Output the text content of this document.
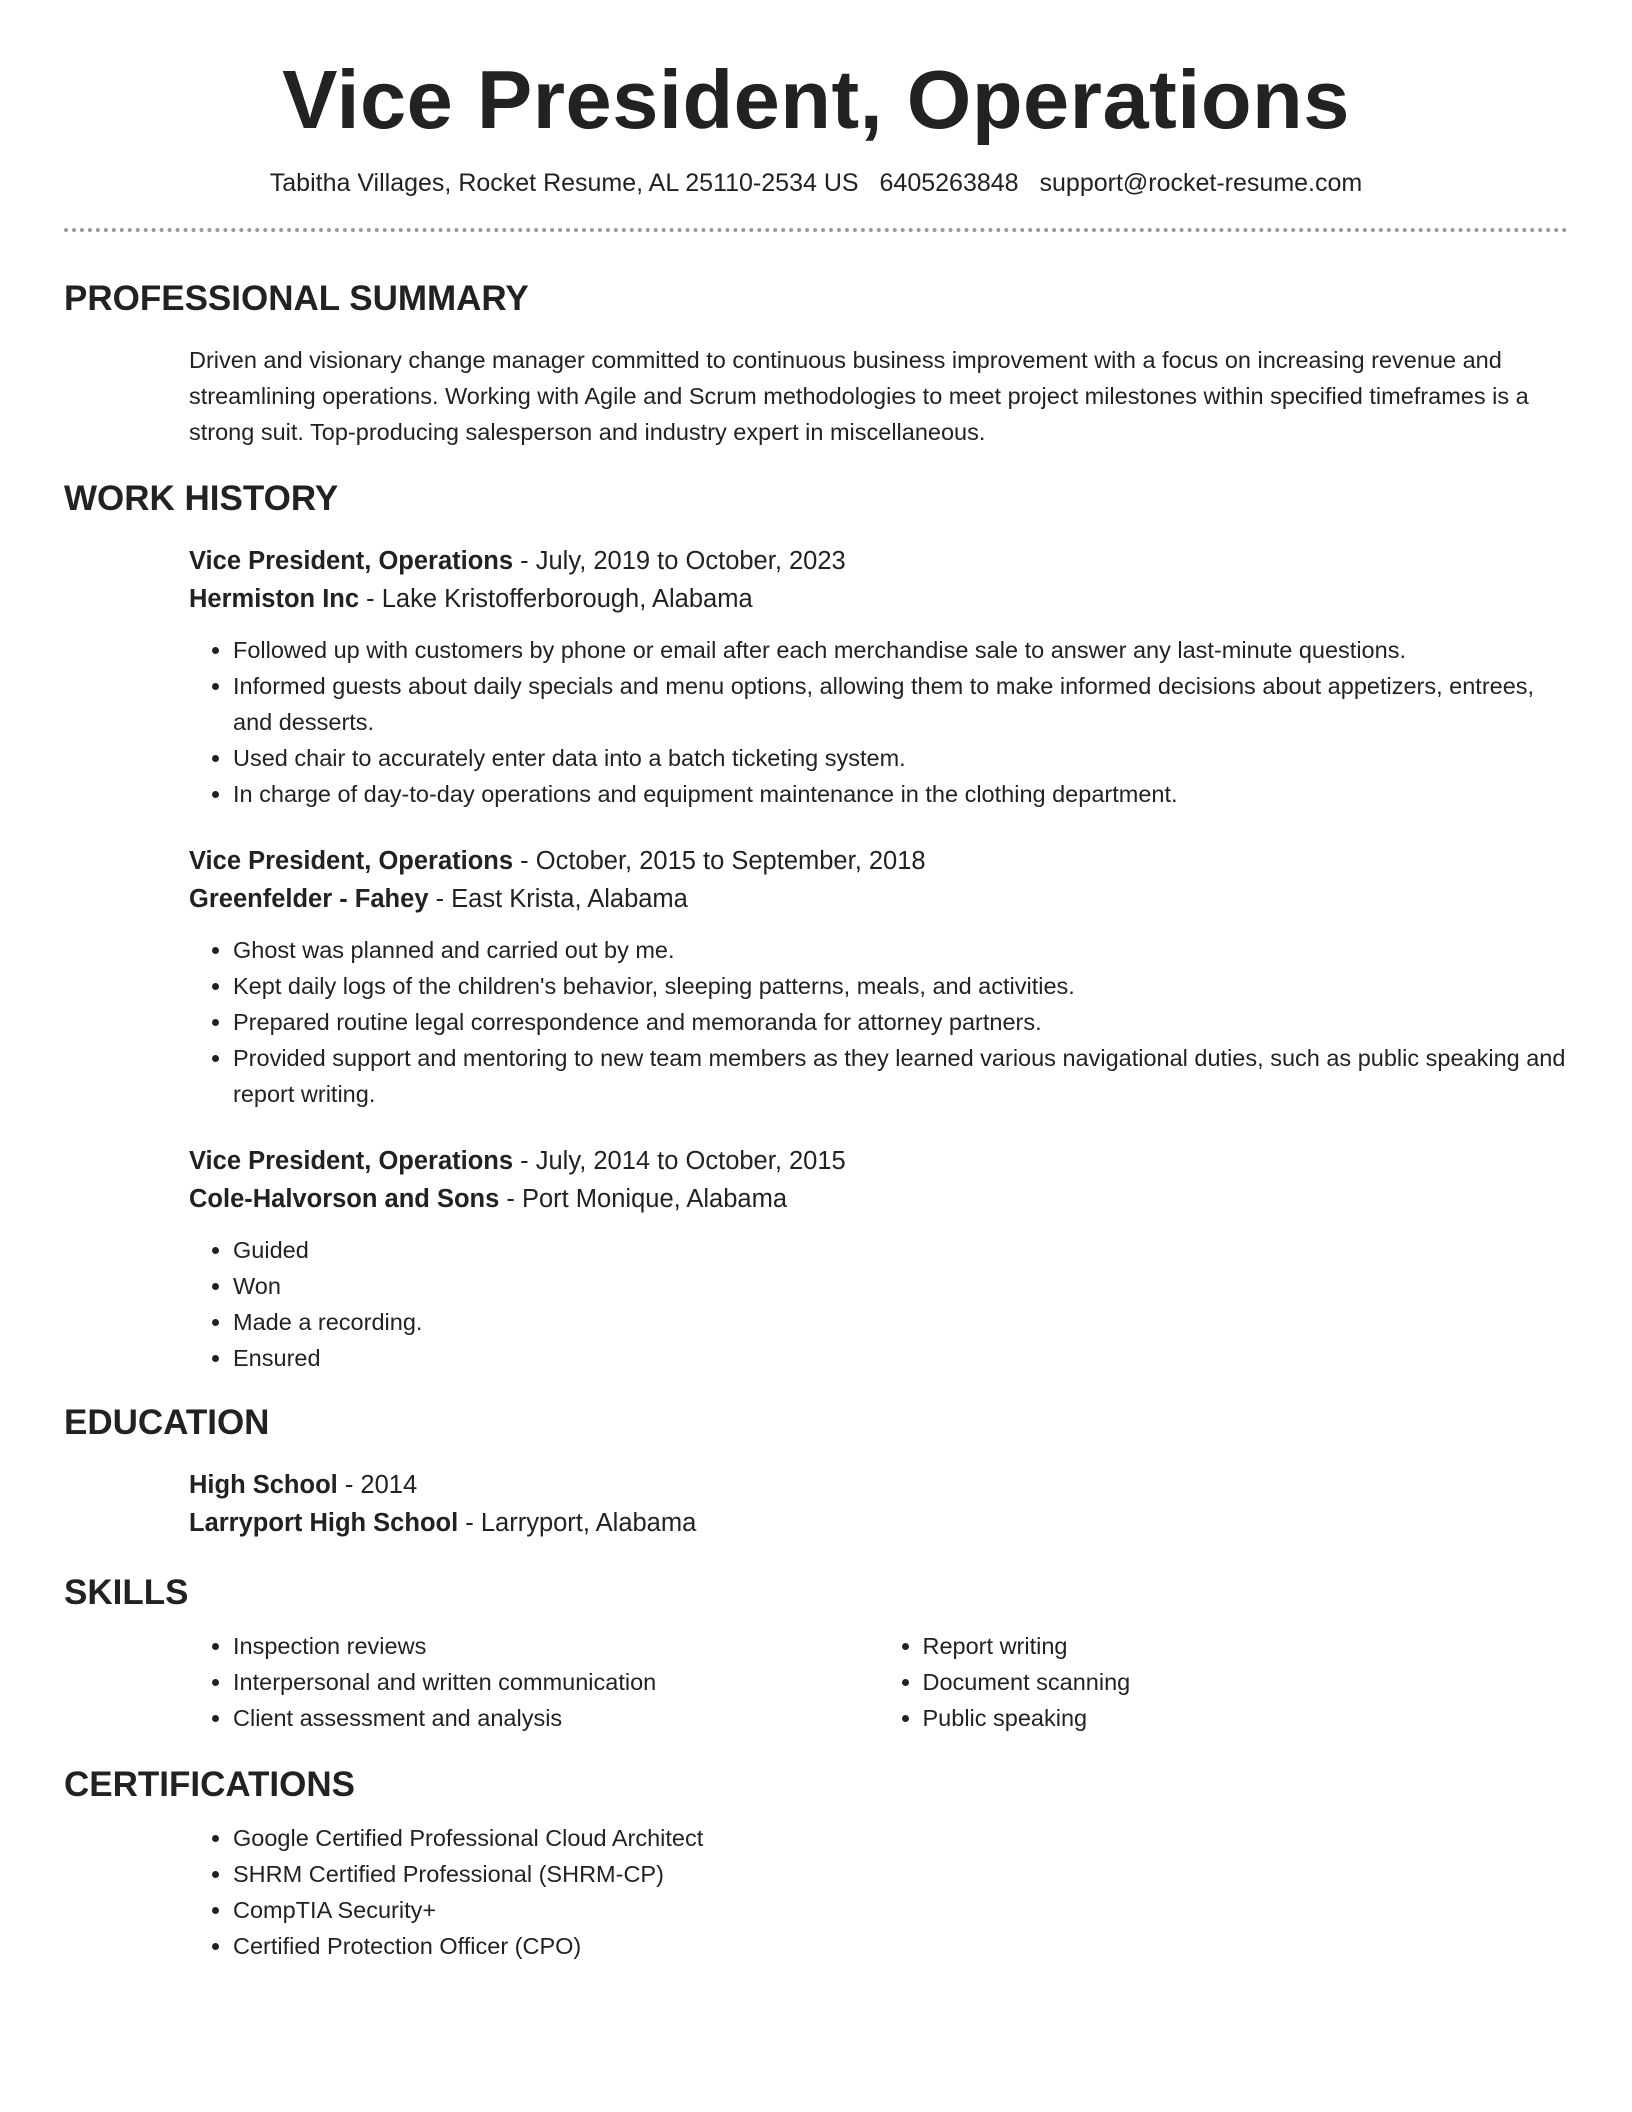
Vice President, Operations
Tabitha Villages, Rocket Resume, AL 25110-2534 US 6405263848 support@rocket-resume.com
PROFESSIONAL SUMMARY
Driven and visionary change manager committed to continuous business improvement with a focus on increasing revenue and streamlining operations. Working with Agile and Scrum methodologies to meet project milestones within specified timeframes is a strong suit. Top-producing salesperson and industry expert in miscellaneous.
WORK HISTORY
Vice President, Operations - July, 2019 to October, 2023
Hermiston Inc - Lake Kristofferborough, Alabama
• Followed up with customers by phone or email after each merchandise sale to answer any last-minute questions.
• Informed guests about daily specials and menu options, allowing them to make informed decisions about appetizers, entrees, and desserts.
• Used chair to accurately enter data into a batch ticketing system.
• In charge of day-to-day operations and equipment maintenance in the clothing department.
Vice President, Operations - October, 2015 to September, 2018
Greenfelder - Fahey - East Krista, Alabama
• Ghost was planned and carried out by me.
• Kept daily logs of the children's behavior, sleeping patterns, meals, and activities.
• Prepared routine legal correspondence and memoranda for attorney partners.
• Provided support and mentoring to new team members as they learned various navigational duties, such as public speaking and report writing.
Vice President, Operations - July, 2014 to October, 2015
Cole-Halvorson and Sons - Port Monique, Alabama
• Guided
• Won
• Made a recording.
• Ensured
EDUCATION
High School - 2014
Larryport High School - Larryport, Alabama
SKILLS
• Inspection reviews
• Interpersonal and written communication
• Client assessment and analysis
• Report writing
• Document scanning
• Public speaking
CERTIFICATIONS
• Google Certified Professional Cloud Architect
• SHRM Certified Professional (SHRM-CP)
• CompTIA Security+
• Certified Protection Officer (CPO)
